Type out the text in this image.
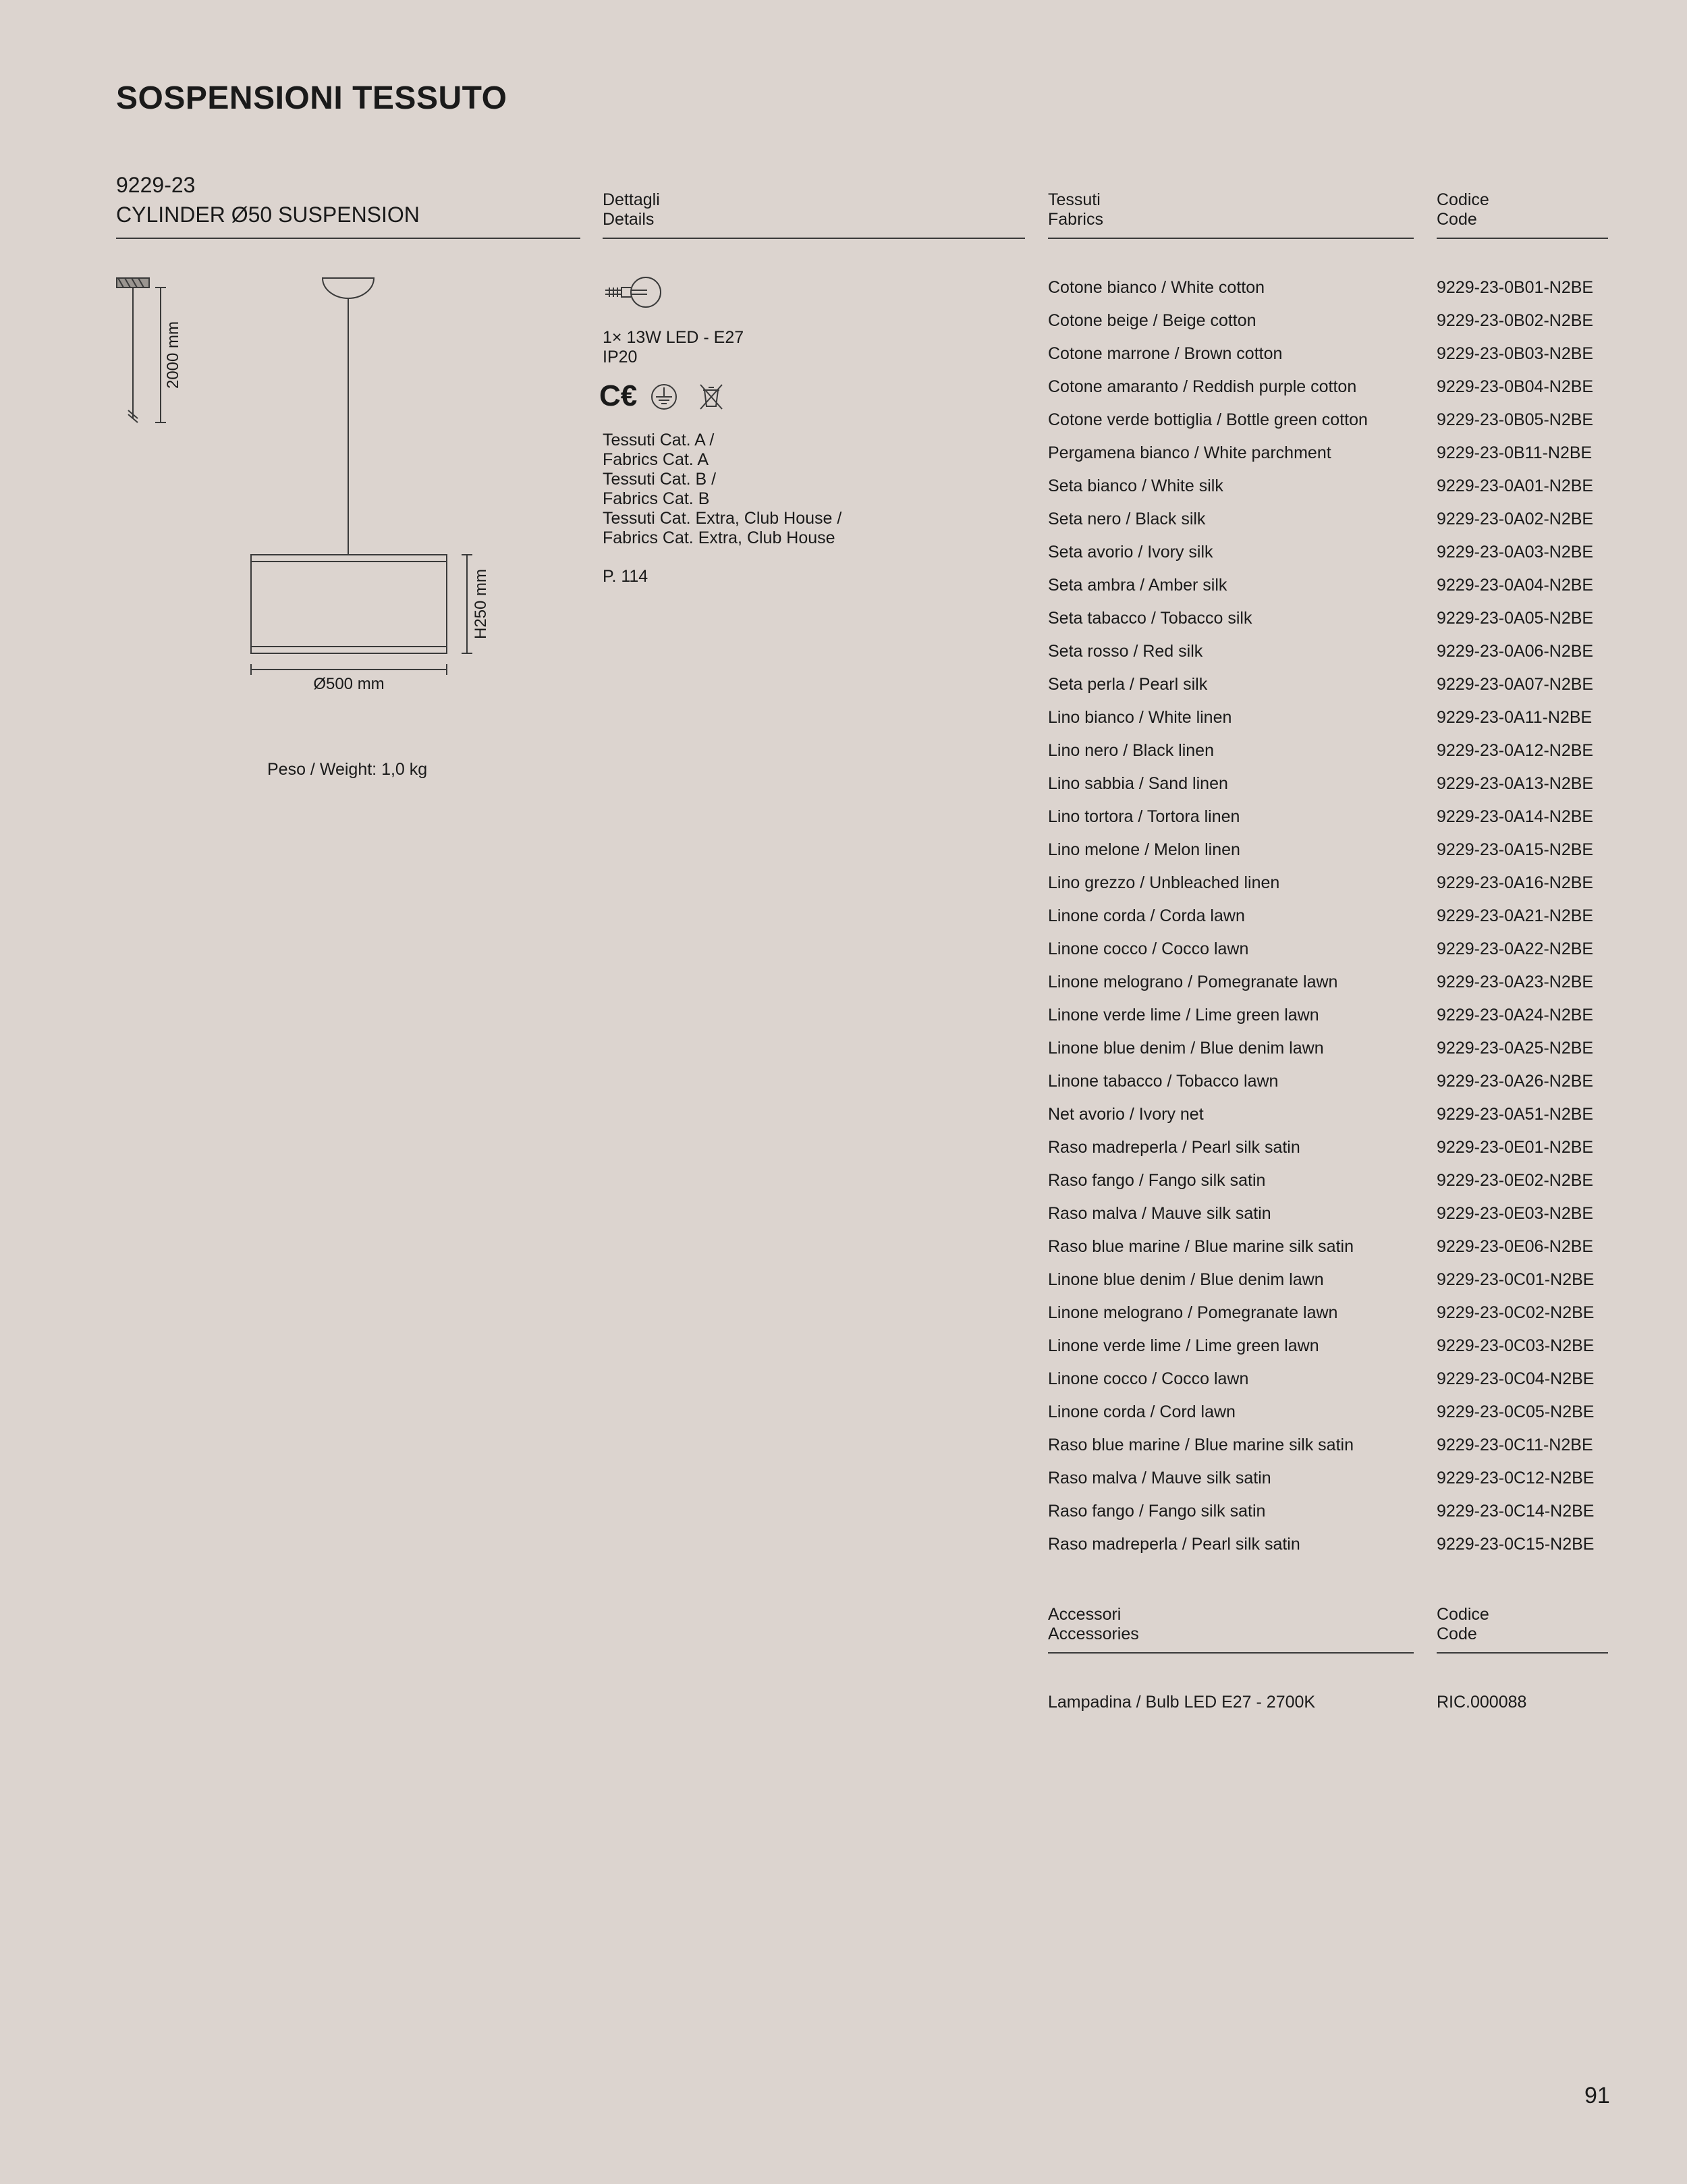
SOSPENSIONI TESSUTO
9229-23
CYLINDER Ø50 SUSPENSION
Dettagli
Details
Tessuti
Fabrics
Codice
Code
2000 mm
H250 mm
Ø500 mm
Peso / Weight: 1,0 kg
1× 13W LED - E27
IP20
C€
Tessuti Cat. A /
Fabrics Cat. A
Tessuti Cat. B /
Fabrics Cat. B
Tessuti Cat. Extra, Club House /
Fabrics Cat. Extra, Club House
P. 114
Cotone bianco / White cotton
Cotone beige / Beige cotton
Cotone marrone / Brown cotton
Cotone amaranto / Reddish purple cotton
Cotone verde bottiglia / Bottle green cotton
Pergamena bianco / White parchment
Seta bianco / White silk
Seta nero / Black silk
Seta avorio / Ivory silk
Seta ambra / Amber silk
Seta tabacco / Tobacco silk
Seta rosso / Red silk
Seta perla / Pearl silk
Lino bianco / White linen
Lino nero / Black linen
Lino sabbia / Sand linen
Lino tortora / Tortora linen
Lino melone / Melon linen
Lino grezzo / Unbleached linen
Linone corda / Corda lawn
Linone cocco / Cocco lawn
Linone melograno / Pomegranate lawn
Linone verde lime / Lime green lawn
Linone blue denim / Blue denim lawn
Linone tabacco / Tobacco lawn
Net avorio / Ivory net
Raso madreperla / Pearl silk satin
Raso fango / Fango silk satin
Raso malva / Mauve silk satin
Raso blue marine / Blue marine silk satin
Linone blue denim / Blue denim lawn
Linone melograno / Pomegranate lawn
Linone verde lime / Lime green lawn
Linone cocco / Cocco lawn
Linone corda / Cord lawn
Raso blue marine / Blue marine silk satin
Raso malva / Mauve silk satin
Raso fango / Fango silk satin
Raso madreperla / Pearl silk satin
9229-23-0B01-N2BE
9229-23-0B02-N2BE
9229-23-0B03-N2BE
9229-23-0B04-N2BE
9229-23-0B05-N2BE
9229-23-0B11-N2BE
9229-23-0A01-N2BE
9229-23-0A02-N2BE
9229-23-0A03-N2BE
9229-23-0A04-N2BE
9229-23-0A05-N2BE
9229-23-0A06-N2BE
9229-23-0A07-N2BE
9229-23-0A11-N2BE
9229-23-0A12-N2BE
9229-23-0A13-N2BE
9229-23-0A14-N2BE
9229-23-0A15-N2BE
9229-23-0A16-N2BE
9229-23-0A21-N2BE
9229-23-0A22-N2BE
9229-23-0A23-N2BE
9229-23-0A24-N2BE
9229-23-0A25-N2BE
9229-23-0A26-N2BE
9229-23-0A51-N2BE
9229-23-0E01-N2BE
9229-23-0E02-N2BE
9229-23-0E03-N2BE
9229-23-0E06-N2BE
9229-23-0C01-N2BE
9229-23-0C02-N2BE
9229-23-0C03-N2BE
9229-23-0C04-N2BE
9229-23-0C05-N2BE
9229-23-0C11-N2BE
9229-23-0C12-N2BE
9229-23-0C14-N2BE
9229-23-0C15-N2BE
Accessori
Accessories
Codice
Code
Lampadina / Bulb LED E27 - 2700K	RIC.000088
91
